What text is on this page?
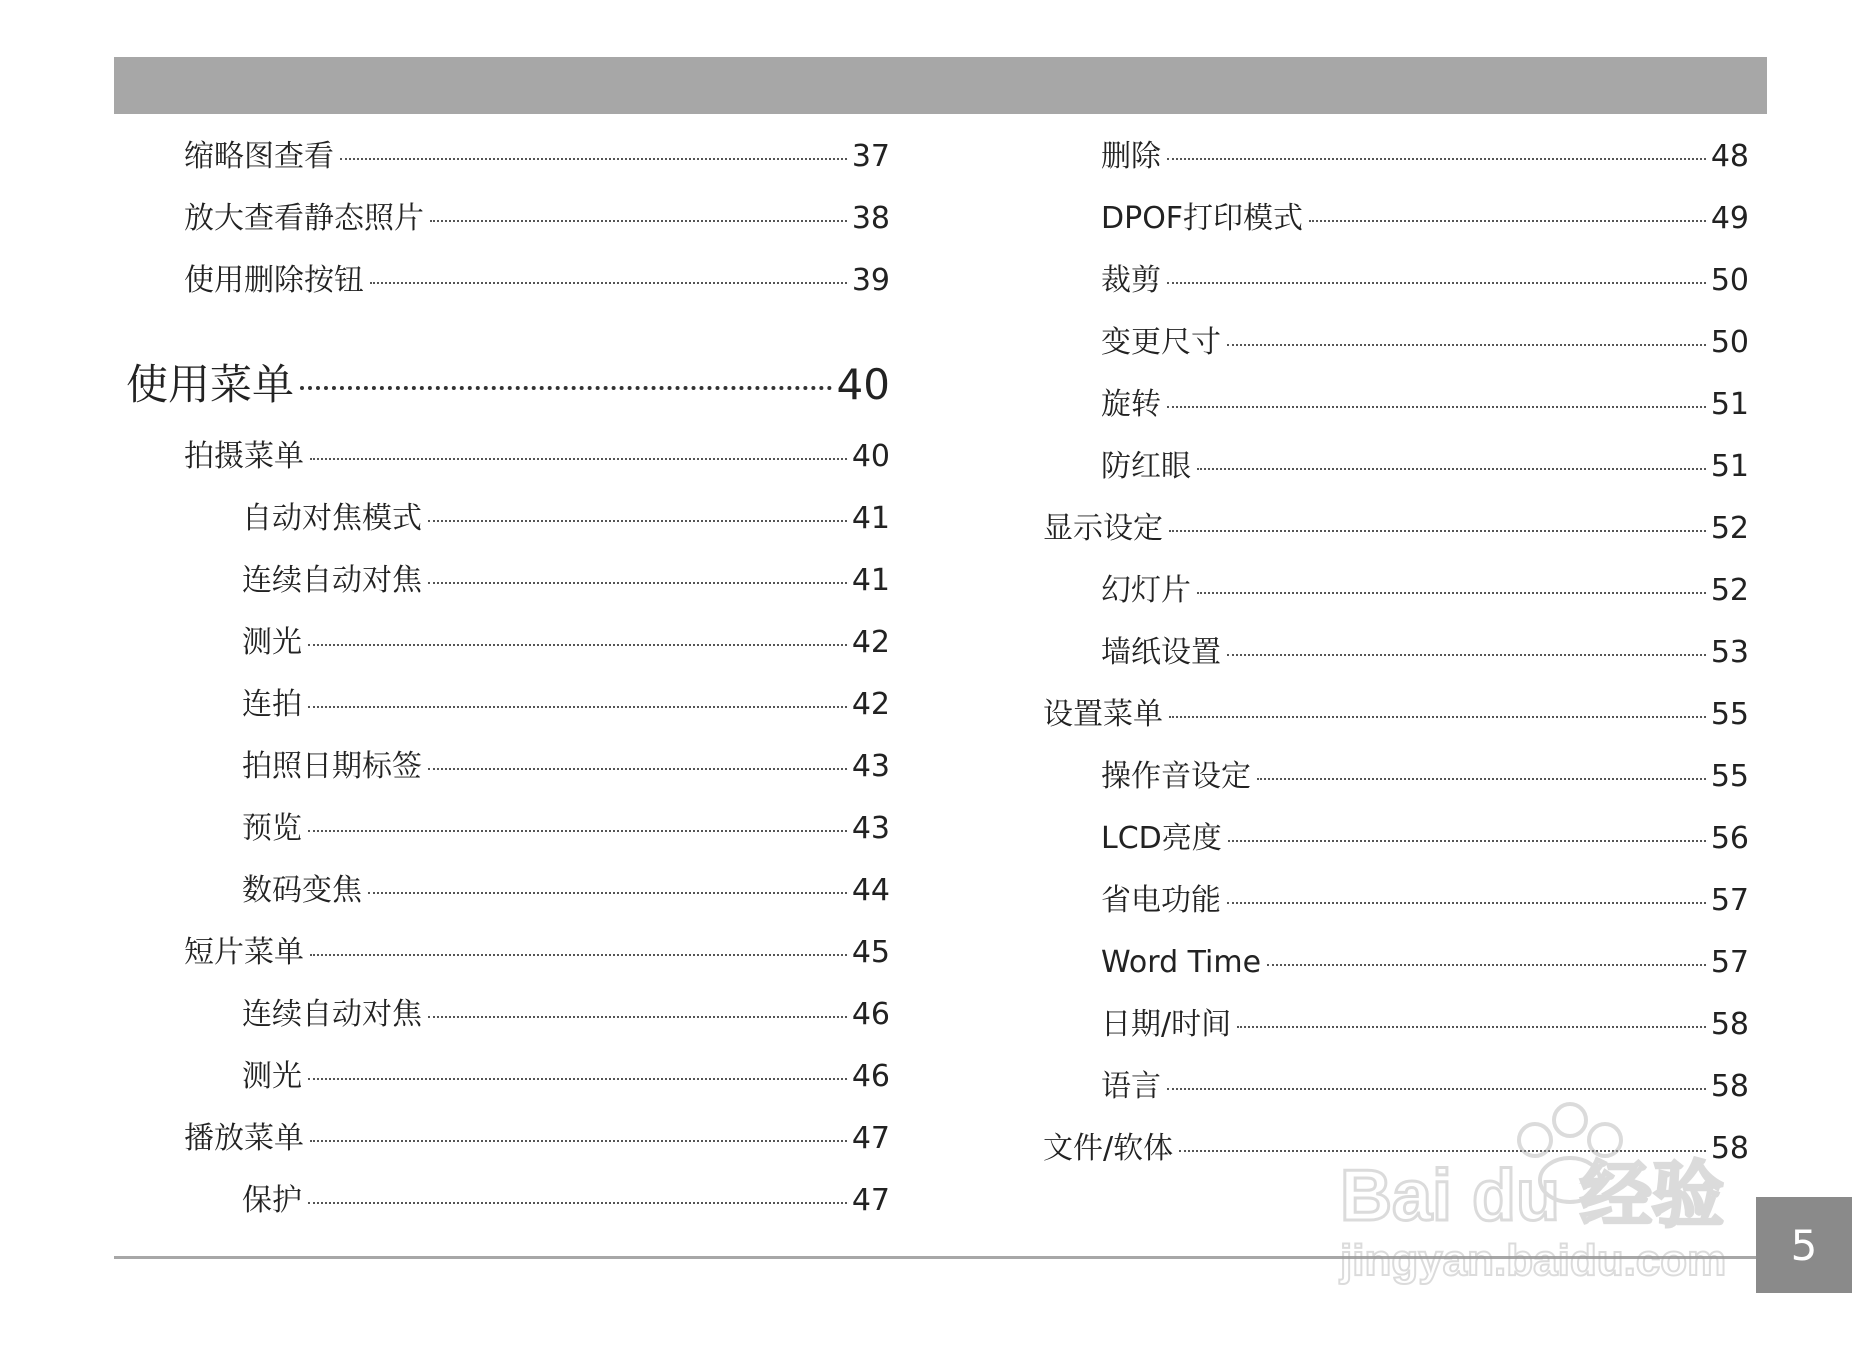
缩略图查看	37
放大查看静态照片	38
使用删除按钮	39
使用菜单	40
拍摄菜单	40
自动对焦模式	41
连续自动对焦	41
测光	42
连拍	42
拍照日期标签	43
预览	43
数码变焦	44
短片菜单	45
连续自动对焦	46
测光	46
播放菜单	47
保护	47
删除	48
DPOF打印模式	49
裁剪	50
变更尺寸	50
旋转	51
防红眼	51
显示设定	52
幻灯片	52
墙纸设置	53
设置菜单	55
操作音设定	55
LCD亮度	56
省电功能	57
Word Time	57
日期/时间	58
语言	58
文件/软体	58
5
Bai du 经验
jingyan.baidu.com
